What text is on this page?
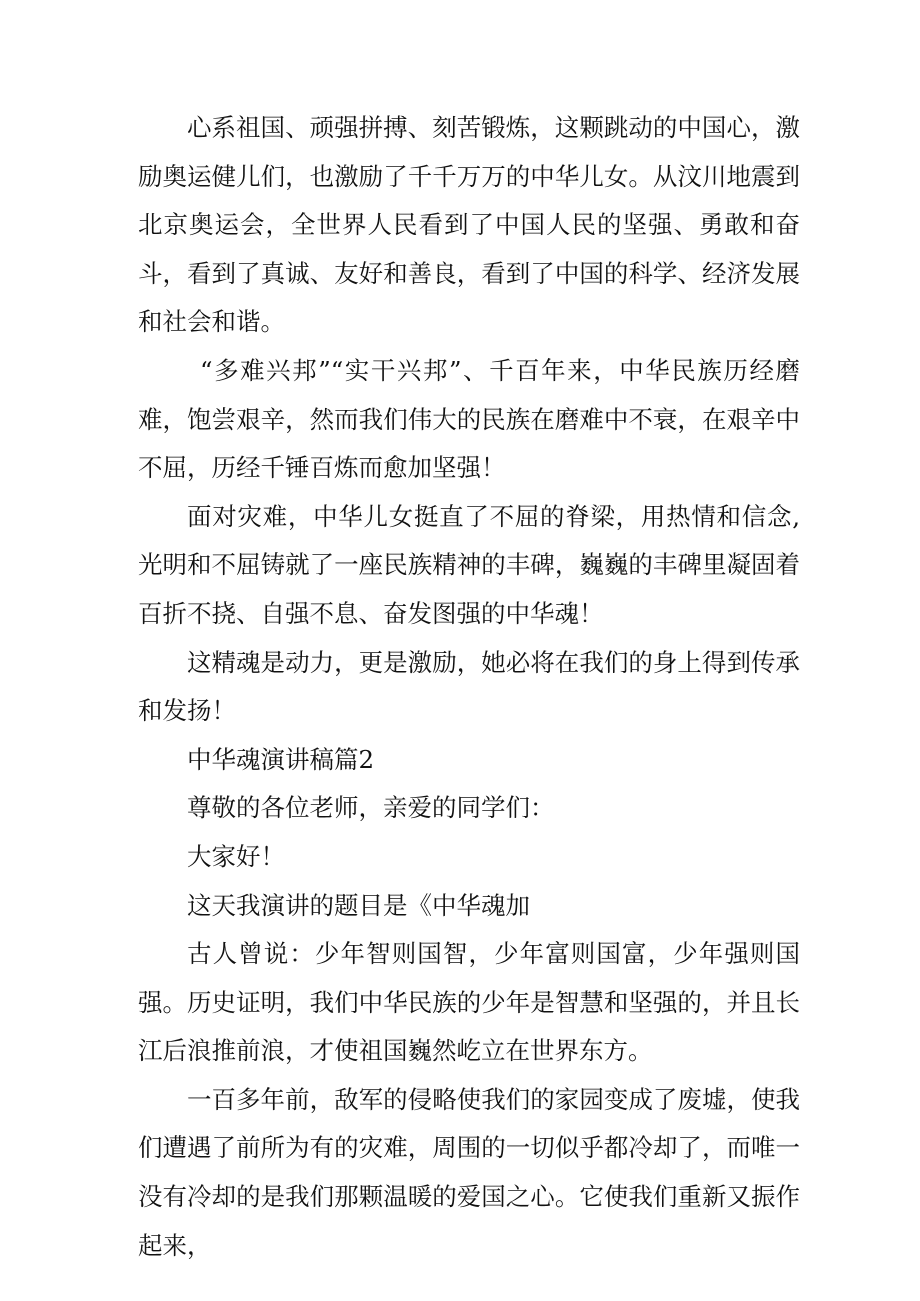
心系祖国、顽强拼搏、刻苦锻炼，这颗跳动的中国心，激励奥运健儿们，也激励了千千万万的中华儿女。从汶川地震到北京奥运会，全世界人民看到了中国人民的坚强、勇敢和奋斗，看到了真诚、友好和善良，看到了中国的科学、经济发展和社会和谐。

“多难兴邦”“实干兴邦”、千百年来，中华民族历经磨难，饱尝艰辛，然而我们伟大的民族在磨难中不衰，在艰辛中不屈，历经千锤百炼而愈加坚强！

面对灾难，中华儿女挺直了不屈的脊梁，用热情和信念,光明和不屈铸就了一座民族精神的丰碑，巍巍的丰碑里凝固着百折不挠、自强不息、奋发图强的中华魂！

这精魂是动力，更是激励，她必将在我们的身上得到传承和发扬！

中华魂演讲稿篇2

尊敬的各位老师，亲爱的同学们：

大家好！

这天我演讲的题目是《中华魂加

古人曾说：少年智则国智，少年富则国富，少年强则国强。历史证明，我们中华民族的少年是智慧和坚强的，并且长江后浪推前浪，才使祖国巍然屹立在世界东方。

一百多年前，敌军的侵略使我们的家园变成了废墟，使我们遭遇了前所为有的灾难，周围的一切似乎都冷却了，而唯一没有冷却的是我们那颗温暖的爱国之心。它使我们重新又振作起来，
